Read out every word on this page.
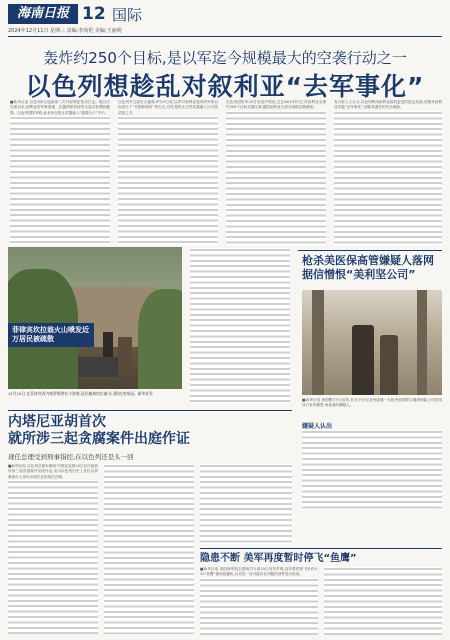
海南日报 12 国际
2024年12月11日 星期三 责编:李尚伦 美编:王丽明
轰炸约250个目标,是以军迄今规模最大的空袭行动之一
以色列想趁乱对叙利亚“去军事化”
■新华社电 以色列9日连续第二天对叙利亚发动打击。数百次空袭以来,叙利亚的军事基地、武器库和机场等大量目标遭到摧毁。以色列国防军称,此举旨在防止武器落入“极端分子”手中。
以色列外交部长吉德翁·萨尔9日说,以军对叙利亚境内的军事目标进行了“有限和临时”的打击,目的是防止这些武器落入反对派武装之手。
以色列国防军10日发表声明说,过去48小时内已对叙利亚全境约250个目标实施空袭,摧毁叙利亚大部分战略武器储备。
有分析人士认为,以色列利用叙利亚政权更迭的混乱局面,试图对叙利亚实施“去军事化”,消除其潜在的安全威胁。
菲律宾坎拉翁火山喷发近万居民被疏散
12月10日,在菲律宾西内格罗斯省拉卡洛塔,居民撤离坎拉翁火山附近的家园。新华社发
枪杀美医保高管嫌疑人落网
据信憎恨“美利坚公司”
■新华社电 美国警方9日宣布,在宾夕法尼亚州逮捕一名枪杀美国联合健康保险公司首席执行官布赖恩·汤普森的嫌疑人。
嫌疑人认出
内塔尼亚胡首次
就所涉三起贪腐案件出庭作证
现任总理受到刑事指控,在以色列还是头一回
■新华社电 以色列总理本雅明·内塔尼亚胡10日首次就其所涉三起贪腐案件出庭作证,成为以色列历史上首位以刑事被告人身份出庭作证的现任总理。
隐患不断 美军再度暂时停飞“鱼鹰”
■新华社电 美国海军航空系统司令部10日发布声明,宣布暂时停飞所有V-22“鱼鹰”倾转旋翼机,以对其一处可能存在问题的部件进行检查。
